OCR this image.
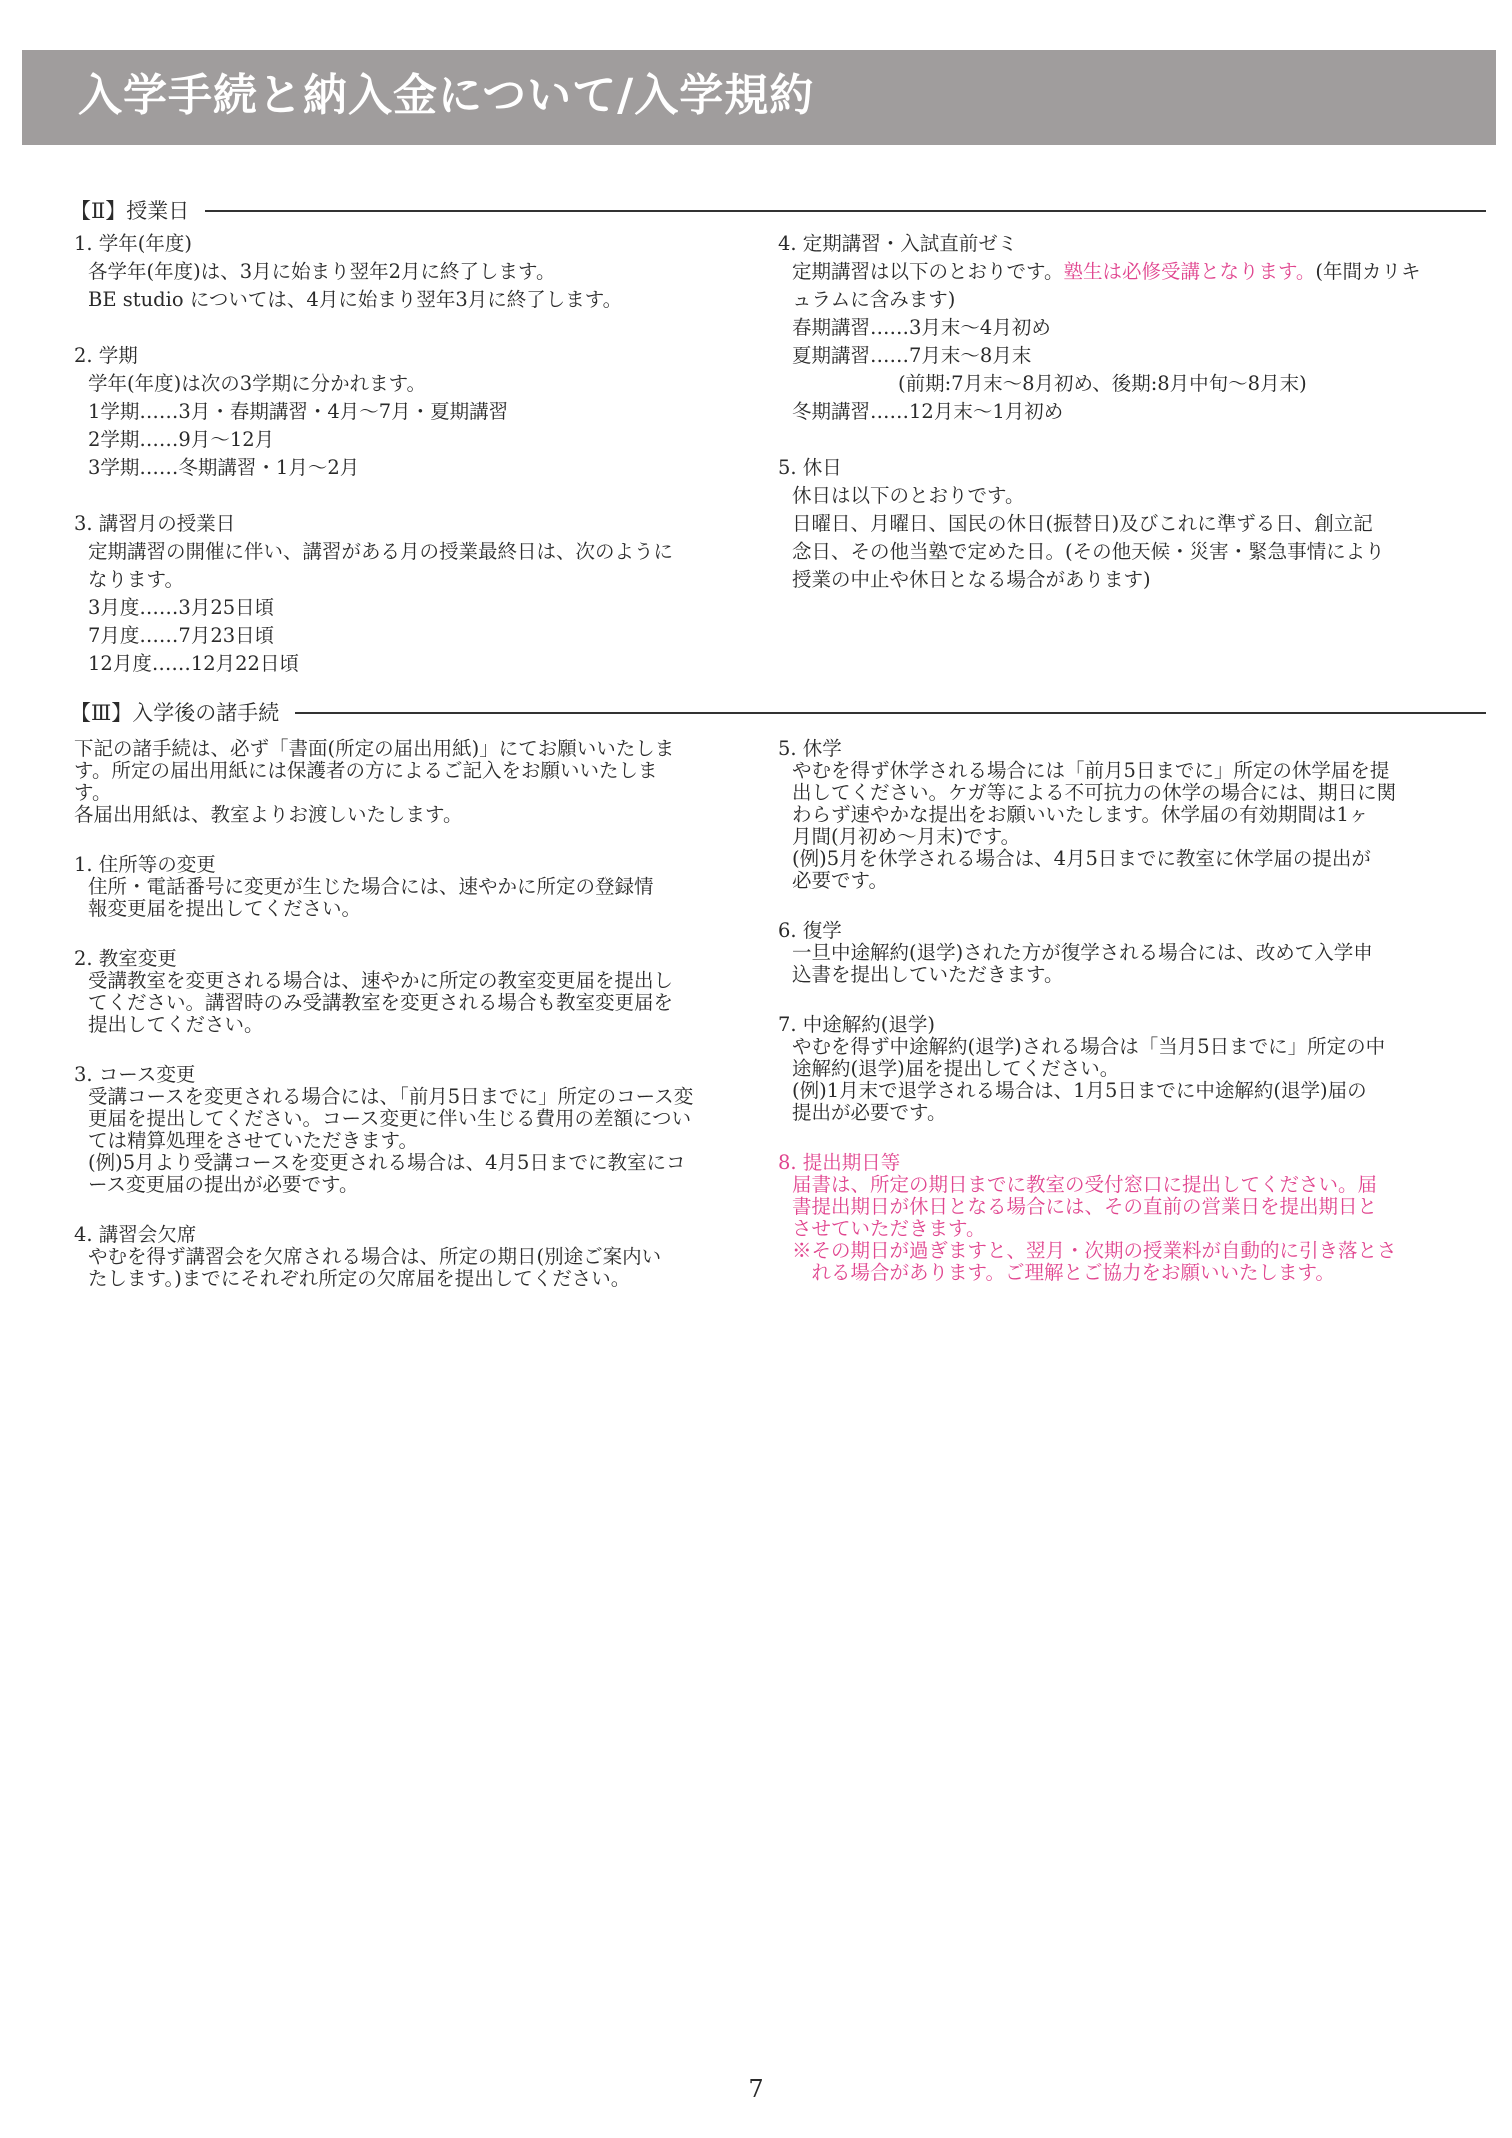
入学手続と納入金について/入学規約
【Ⅱ】授業日

1. 学年(年度)

各学年(年度)は、3月に始まり翌年2月に終了します。

BE studio については、4月に始まり翌年3月に終了します。

2. 学期

学年(年度)は次の3学期に分かれます。

1学期……3月・春期講習・4月～7月・夏期講習

2学期……9月～12月

3学期……冬期講習・1月～2月

3. 講習月の授業日

定期講習の開催に伴い、講習がある月の授業最終日は、次のように

なります。

3月度……3月25日頃

7月度……7月23日頃

12月度……12月22日頃

4. 定期講習・入試直前ゼミ

定期講習は以下のとおりです。塾生は必修受講となります。(年間カリキ

ュラムに含みます)

春期講習……3月末～4月初め

夏期講習……7月末～8月末

(前期:7月末～8月初め、後期:8月中旬～8月末)

冬期講習……12月末～1月初め

5. 休日

休日は以下のとおりです。

日曜日、月曜日、国民の休日(振替日)及びこれに準ずる日、創立記

念日、その他当塾で定めた日。(その他天候・災害・緊急事情により

授業の中止や休日となる場合があります)

【Ⅲ】入学後の諸手続

下記の諸手続は、必ず「書面(所定の届出用紙)」にてお願いいたしま

す。所定の届出用紙には保護者の方によるご記入をお願いいたしま

す。

各届出用紙は、教室よりお渡しいたします。

1. 住所等の変更

住所・電話番号に変更が生じた場合には、速やかに所定の登録情

報変更届を提出してください。

2. 教室変更

受講教室を変更される場合は、速やかに所定の教室変更届を提出し

てください。講習時のみ受講教室を変更される場合も教室変更届を

提出してください。

3. コース変更

受講コースを変更される場合には、「前月5日までに」所定のコース変

更届を提出してください。コース変更に伴い生じる費用の差額につい

ては精算処理をさせていただきます。

(例)5月より受講コースを変更される場合は、4月5日までに教室にコ

ース変更届の提出が必要です。

4. 講習会欠席

やむを得ず講習会を欠席される場合は、所定の期日(別途ご案内い

たします。)までにそれぞれ所定の欠席届を提出してください。

5. 休学

やむを得ず休学される場合には「前月5日までに」所定の休学届を提

出してください。ケガ等による不可抗力の休学の場合には、期日に関

わらず速やかな提出をお願いいたします。休学届の有効期間は1ヶ

月間(月初め～月末)です。

(例)5月を休学される場合は、4月5日までに教室に休学届の提出が

必要です。

6. 復学

一旦中途解約(退学)された方が復学される場合には、改めて入学申

込書を提出していただきます。

7. 中途解約(退学)

やむを得ず中途解約(退学)される場合は「当月5日までに」所定の中

途解約(退学)届を提出してください。

(例)1月末で退学される場合は、1月5日までに中途解約(退学)届の

提出が必要です。

8. 提出期日等

届書は、所定の期日までに教室の受付窓口に提出してください。届

書提出期日が休日となる場合には、その直前の営業日を提出期日と

させていただきます。

※その期日が過ぎますと、翌月・次期の授業料が自動的に引き落とさ

　れる場合があります。ご理解とご協力をお願いいたします。

7
